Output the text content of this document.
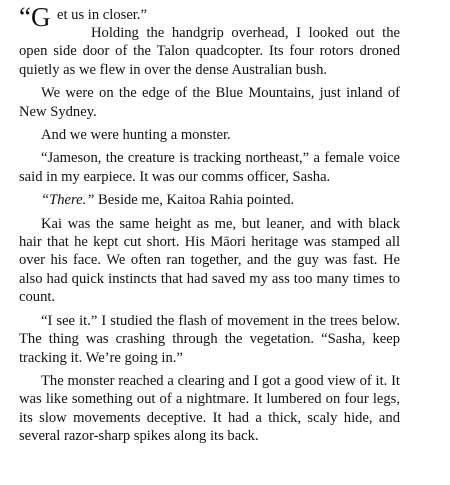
“G et us in closer.”

Holding the handgrip overhead, I looked out the open side door of the Talon quadcopter. Its four rotors droned quietly as we flew in over the dense Australian bush.

We were on the edge of the Blue Mountains, just inland of New Sydney.

And we were hunting a monster.

“Jameson, the creature is tracking northeast,” a female voice said in my earpiece. It was our comms officer, Sasha.

“There.” Beside me, Kaitoa Rahia pointed.

Kai was the same height as me, but leaner, and with black hair that he kept cut short. His Māori heritage was stamped all over his face. We often ran together, and the guy was fast. He also had quick instincts that had saved my ass too many times to count.

“I see it.” I studied the flash of movement in the trees below. The thing was crashing through the vegetation. “Sasha, keep tracking it. We’re going in.”

The monster reached a clearing and I got a good view of it. It was like something out of a nightmare. It lumbered on four legs, its slow movements deceptive. It had a thick, scaly hide, and several razor-sharp spikes along its back.
